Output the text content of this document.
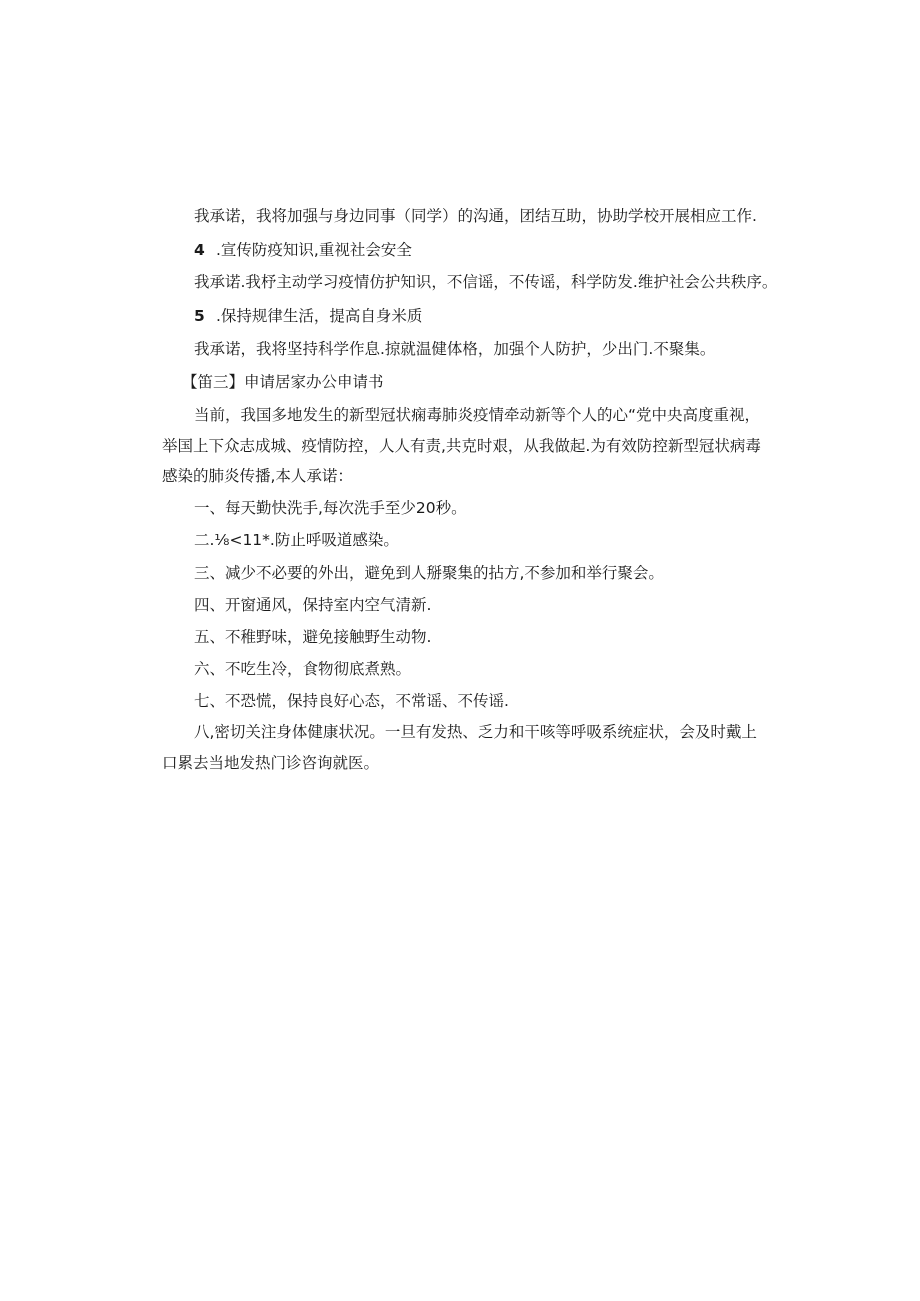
我承诺，我将加强与身边同事（同学）的沟通，团结互助，协助学校开展相应工作.
4 .宣传防疫知识,重视社会安全
我承诺.我杼主动学习疫情仿护知识，不信谣，不传谣，科学防发.维护社会公共秩序。
5 .保持规律生活，提高自身米质
我承诺，我将坚持科学作息.掠就温健体格，加强个人防护，少出门.不聚集。
【笛三】申请居家办公申请书
当前，我国多地发生的新型冠状痫毒肺炎疫情牵动新等个人的心“党中央高度重视，
举国上下众志成城、疫情防控，人人有责,共克时艰，从我做起.为有效防控新型冠状病毒
感染的肺炎传播,本人承诺：
一、每天勤快洗手,每次洗手至少20秒。
二.⅛<11*.防止呼吸道感染。
三、减少不必要的外出，避免到人掰聚集的拈方,不参加和举行聚会。
四、开窗通风，保持室内空气清新.
五、不稚野味，避免接触野生动物.
六、不吃生冷，食物彻底煮熟。
七、不恐慌，保持良好心态，不常谣、不传谣.
八,密切关注身体健康状况。一旦有发热、乏力和干咳等呼吸系统症状，会及时戴上
口累去当地发热门诊咨询就医。
